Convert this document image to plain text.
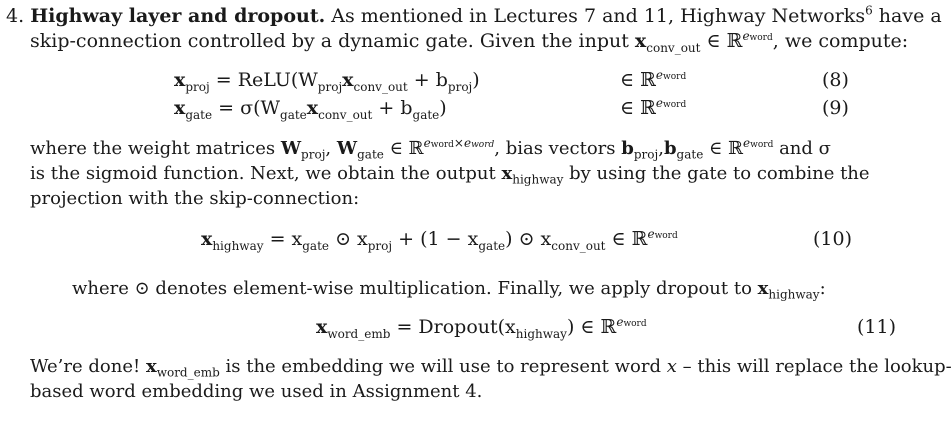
4. Highway layer and dropout. As mentioned in Lectures 7 and 11, Highway Networks$^6$ have a
skip-connection controlled by a dynamic gate. Given the input $x_{conv\_out}$ ∈ ℝ$^{eword}$, we compute:
$x_{proj}$ = $ReLU(W_{proj}x_{conv\_out} + b_{proj})$	∈ ℝ$^{eword}$	(8)
$x_{gate} = \sigma(W_{gate}x_{conv\_out} + b_{gate})$	∈ ℝ$^{eword}$	(9)
where the weight matrices $W_{proj}$, $W_{gate}$ ∈ ℝ$^{eword\times eword}$, bias vectors $b_{proj},b_{gate}$ ∈ ℝ$^{eword}$ and σ
is the sigmoid function. Next, we obtain the output $x_{highway}$ by using the gate to combine the
projection with the skip-connection:
$x_{highway} = x_{gate}$ ⊙ $x_{proj} + (1 - x_{gate})$ ⊙ $x_{conv\_out}$ ∈ ℝ$^{eword}$	(10)
where ⊙ denotes element-wise multiplication. Finally, we apply dropout to $x_{highway}$:
$x_{word\_emb}$ = $Dropout(x_{highway})$ ∈ ℝ$^{eword}$	(11)
We’re done! $x_{word\_emb}$ is the embedding we will use to represent word x – this will replace the lookup-
based word embedding we used in Assignment 4.
